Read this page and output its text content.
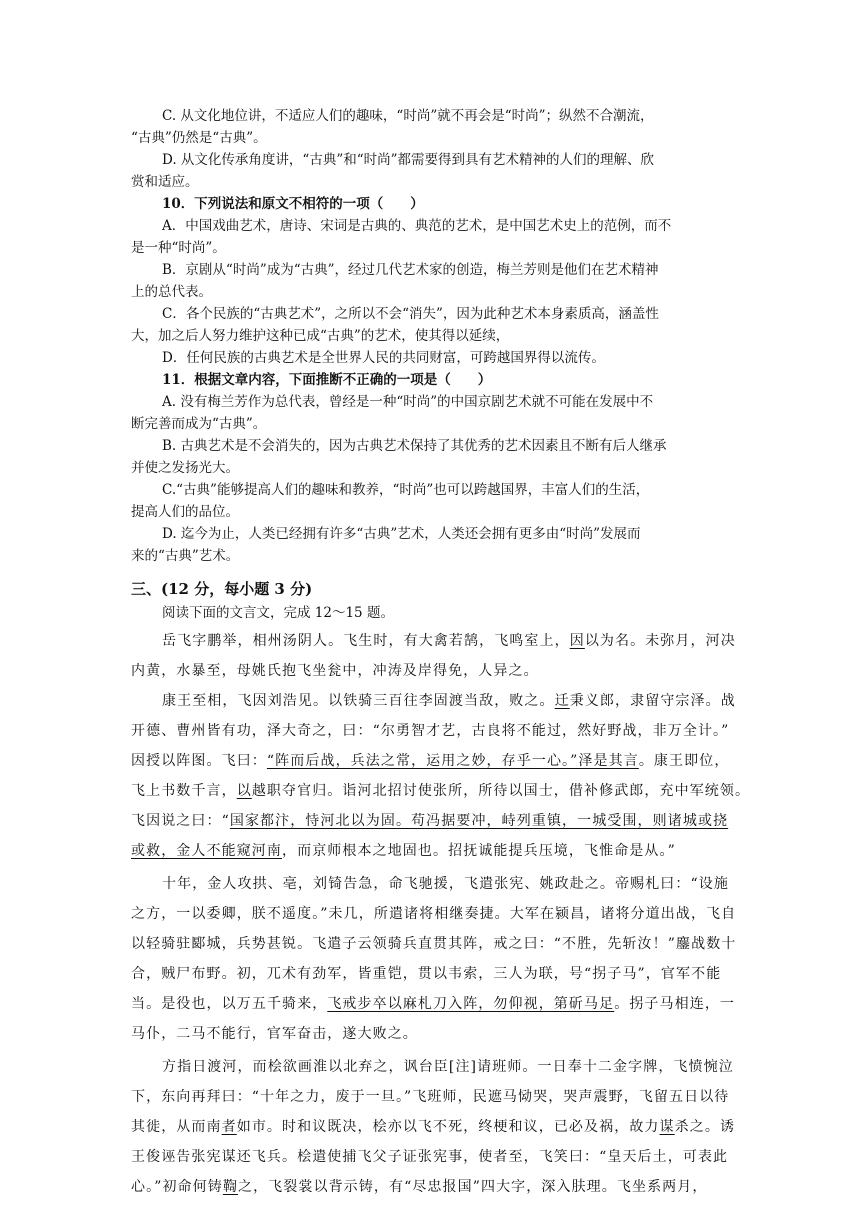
C. 从文化地位讲，不适应人们的趣味，“时尚”就不再会是“时尚”；纵然不合潮流，
“古典”仍然是“古典”。
D. 从文化传承角度讲，“古典”和“时尚”都需要得到具有艺术精神的人们的理解、欣
赏和适应。
10．下列说法和原文不相符的一项（　　）
A．中国戏曲艺术，唐诗、宋词是古典的、典范的艺术，是中国艺术史上的范例，而不
是一种“时尚”。
B．京剧从“时尚”成为“古典”，经过几代艺术家的创造，梅兰芳则是他们在艺术精神
上的总代表。
C．各个民族的“古典艺术”，之所以不会“消失”，因为此种艺术本身素质高，涵盖性
大，加之后人努力维护这种已成“古典”的艺术，使其得以延续，
D．任何民族的古典艺术是全世界人民的共同财富，可跨越国界得以流传。
11．根据文章内容，下面推断不正确的一项是（　　）
A. 没有梅兰芳作为总代表，曾经是一种“时尚”的中国京剧艺术就不可能在发展中不
断完善而成为“古典”。
B. 古典艺术是不会消失的，因为古典艺术保持了其优秀的艺术因素且不断有后人继承
并使之发扬光大。
C.“古典”能够提高人们的趣味和教养，“时尚”也可以跨越国界，丰富人们的生活，
提高人们的品位。
D. 迄今为止，人类已经拥有许多“古典”艺术，人类还会拥有更多由“时尚”发展而
来的“古典”艺术。
三、(12 分，每小题 3 分)
阅读下面的文言文，完成 12～15 题。
岳飞字鹏举，相州汤阴人。飞生时，有大禽若鹄，飞鸣室上，因以为名。未弥月，河决
内黄，水暴至，母姚氏抱飞坐瓮中，冲涛及岸得免，人异之。
康王至相，飞因刘浩见。以铁骑三百往李固渡当敌，败之。迁秉义郎，隶留守宗泽。战
开德、曹州皆有功，泽大奇之，曰：“尔勇智才艺，古良将不能过，然好野战，非万全计。”
因授以阵图。飞曰：“阵而后战，兵法之常，运用之妙，存乎一心。”泽是其言。康王即位，
飞上书数千言，以越职夺官归。诣河北招讨使张所，所待以国士，借补修武郎，充中军统领。
飞因说之曰：“国家都汴，恃河北以为固。苟冯据要冲，峙列重镇，一城受围，则诸城或挠
或救，金人不能窥河南，而京师根本之地固也。招抚诚能提兵压境，飞惟命是从。”
十年，金人攻拱、亳，刘锜告急，命飞驰援，飞遣张宪、姚政赴之。帝赐札曰：“设施
之方，一以委卿，朕不遥度。”未几，所遣诸将相继奏捷。大军在颍昌，诸将分道出战，飞自
以轻骑驻郾城，兵势甚锐。飞遣子云领骑兵直贯其阵，戒之曰：“不胜，先斩汝！”鏖战数十
合，贼尸布野。初，兀术有劲军，皆重铠，贯以韦索，三人为联，号“拐子马”，官军不能
当。是役也，以万五千骑来，飞戒步卒以麻札刀入阵，勿仰视，第斫马足。拐子马相连，一
马仆，二马不能行，官军奋击，遂大败之。
方指日渡河，而桧欲画淮以北弃之，讽台臣[注]请班师。一日奉十二金字牌，飞愤惋泣
下，东向再拜曰：“十年之力，废于一旦。”飞班师，民遮马恸哭，哭声震野，飞留五日以待
其徙，从而南者如市。时和议既决，桧亦以飞不死，终梗和议，已必及祸，故力谋杀之。诱
王俊诬告张宪谋还飞兵。桧遣使捕飞父子证张宪事，使者至，飞笑曰：“皇天后土，可表此
心。”初命何铸鞫之，飞裂裳以背示铸，有“尽忠报国”四大字，深入肤理。飞坐系两月，
